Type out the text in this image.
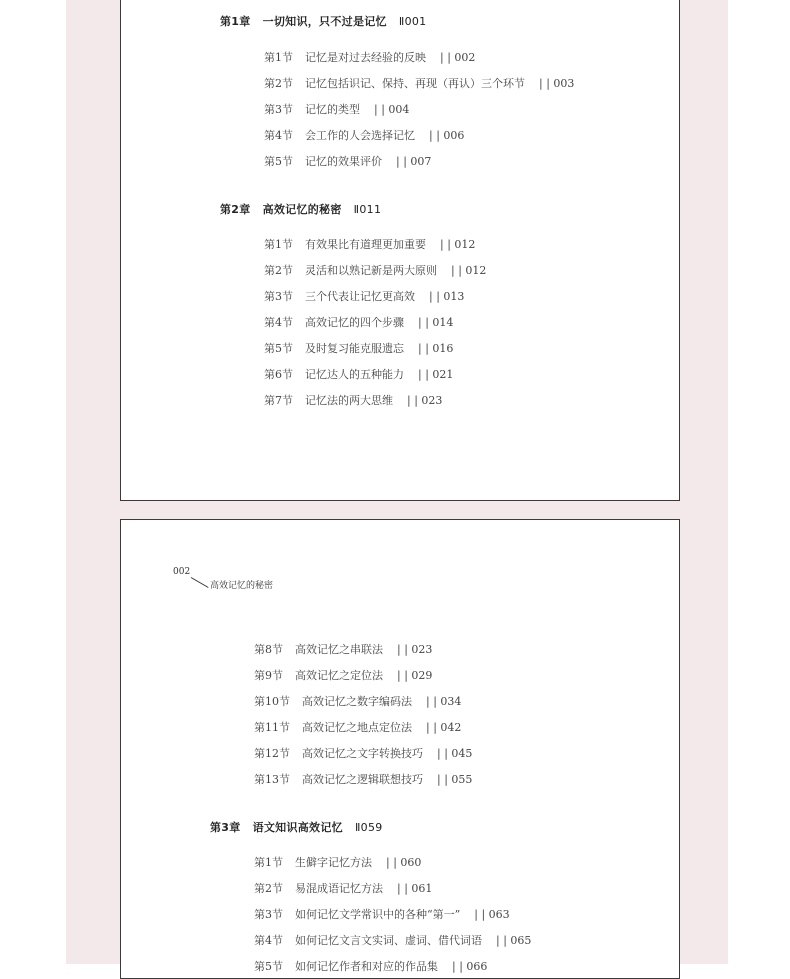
第1章 一切知识，只不过是记忆 Ⅱ001
第1节 记忆是对过去经验的反映 | | 002
第2节 记忆包括识记、保持、再现（再认）三个环节 | | 003
第3节 记忆的类型 | | 004
第4节 会工作的人会选择记忆 | | 006
第5节 记忆的效果评价 | | 007
第2章 高效记忆的秘密 Ⅱ011
第1节 有效果比有道理更加重要 | | 012
第2节 灵活和以熟记新是两大原则 | | 012
第3节 三个代表让记忆更高效 | | 013
第4节 高效记忆的四个步骤 | | 014
第5节 及时复习能克服遗忘 | | 016
第6节 记忆达人的五种能力 | | 021
第7节 记忆法的两大思维 | | 023
002
高效记忆的秘密
第8节 高效记忆之串联法 | | 023
第9节 高效记忆之定位法 | | 029
第10节 高效记忆之数字编码法 | | 034
第11节 高效记忆之地点定位法 | | 042
第12节 高效记忆之文字转换技巧 | | 045
第13节 高效记忆之逻辑联想技巧 | | 055
第3章 语文知识高效记忆 Ⅱ059
第1节 生僻字记忆方法 | | 060
第2节 易混成语记忆方法 | | 061
第3节 如何记忆文学常识中的各种“第一” | | 063
第4节 如何记忆文言文实词、虚词、借代词语 | | 065
第5节 如何记忆作者和对应的作品集 | | 066
